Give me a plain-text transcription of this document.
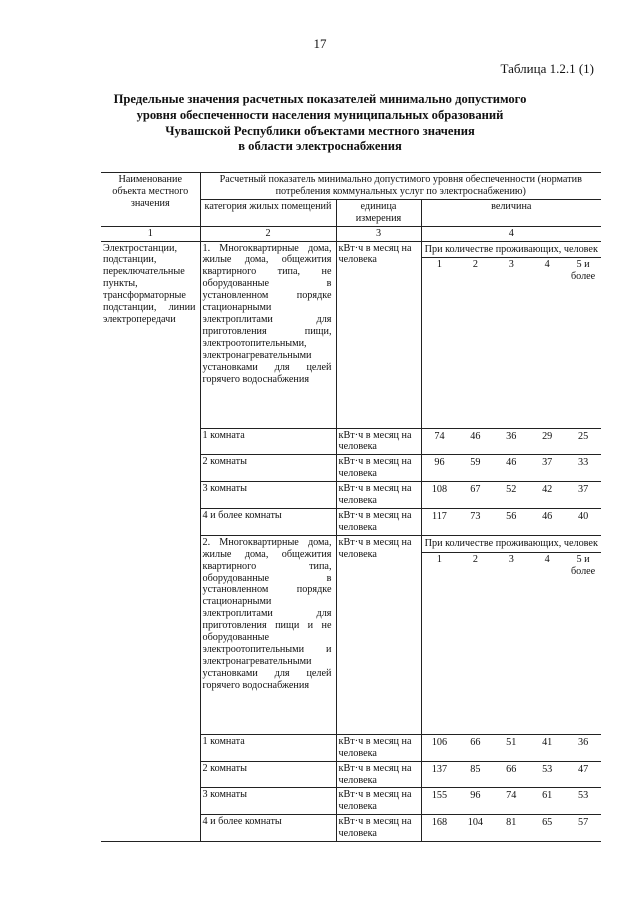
17
Таблица 1.2.1 (1)
Предельные значения расчетных показателей минимально допустимого
уровня обеспеченности населения муниципальных образований
Чувашской Республики объектами местного значения
в области электроснабжения
Наименование объекта местного значения	Расчетный показатель минимально допустимого уровня обеспеченности (норматив потребления коммунальных услуг по электроснабжению)
категория жилых помещений	единица измерения	величина
1	2	3	4
Электростанции, подстанции, переключательные пункты, трансформаторные подстанции, линии электропередачи	1. Многоквартирные дома, жилые дома, общежития квартирного типа, не оборудованные в установленном порядке стационарными электроплитами для приготовления пищи, электроотопительными, электронагревательными установками для целей горячего водоснабжения	кВт·ч в месяц на человека	
При количестве проживающих, человек
1	2	3	4	5 и более

1 комната	кВт·ч в месяц на человека	
74	46	36	29	25

2 комнаты	кВт·ч в месяц на человека	
96	59	46	37	33

3 комнаты	кВт·ч в месяц на человека	
108	67	52	42	37

4 и более комнаты	кВт·ч в месяц на человека	
117	73	56	46	40

2. Многоквартирные дома, жилые дома, общежития квартирного типа, оборудованные в установленном порядке стационарными электроплитами для приготовления пищи и не оборудованные электроотопительными и электронагревательными установками для целей горячего водоснабжения	кВт·ч в месяц на человека	
При количестве проживающих, человек
1	2	3	4	5 и более

1 комната	кВт·ч в месяц на человека	
106	66	51	41	36

2 комнаты	кВт·ч в месяц на человека	
137	85	66	53	47

3 комнаты	кВт·ч в месяц на человека	
155	96	74	61	53

4 и более комнаты	кВт·ч в месяц на человека	
168	104	81	65	57
